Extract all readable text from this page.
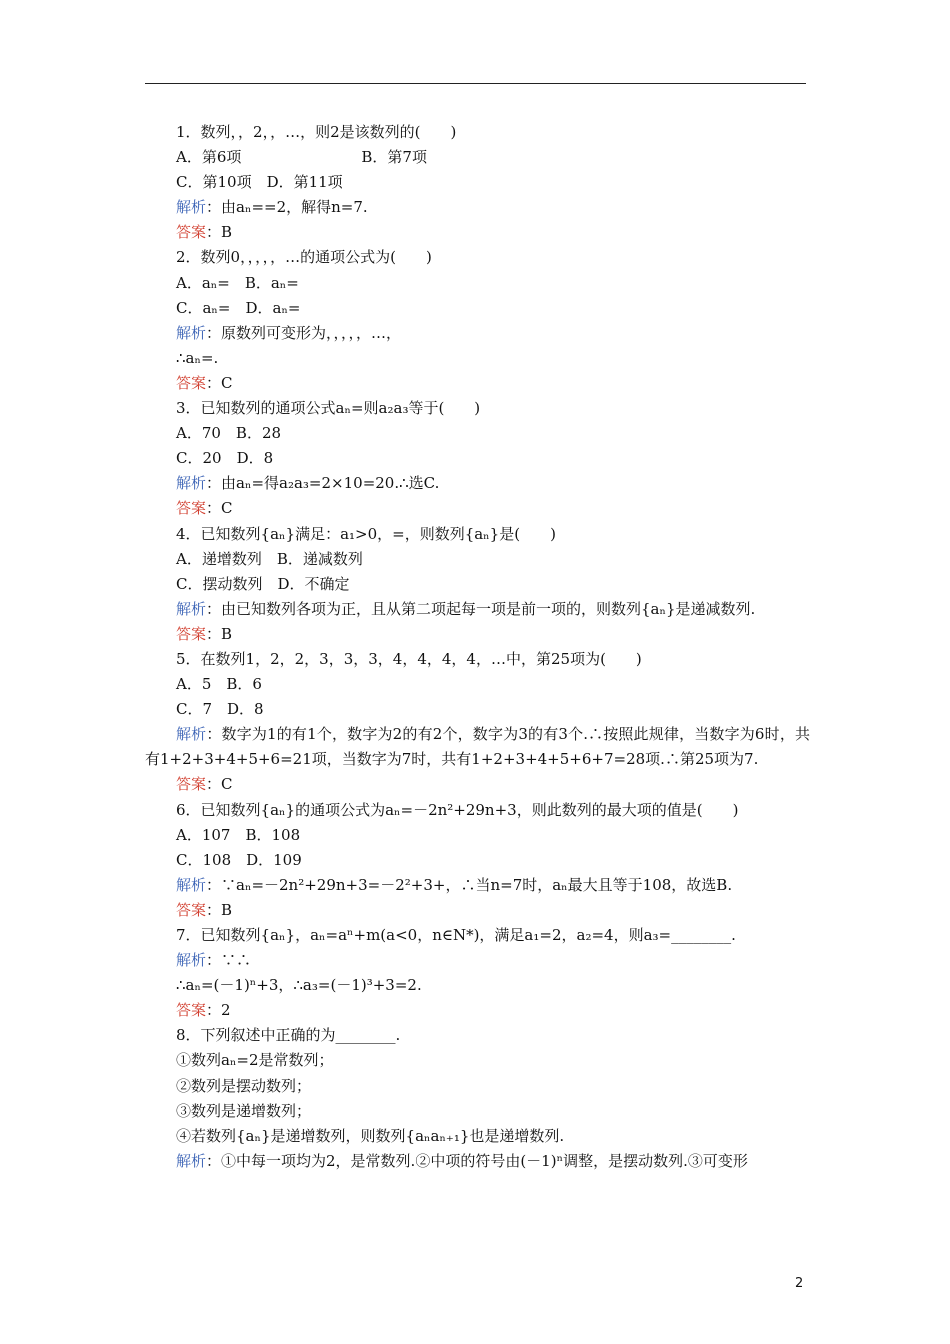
1．数列，，2，，…，则2是该数列的(　　)
A．第6项　　　　　　　　B．第7项
C．第10项　D．第11项
解析：由aₙ==2，解得n=7.
答案：B
2．数列0，，，，，…的通项公式为(　　)
A．aₙ=　B．aₙ=
C．aₙ=　D．aₙ=
解析：原数列可变形为，，，，，…，
∴aₙ=.
答案：C
3．已知数列的通项公式aₙ=则a₂a₃等于(　　)
A．70　B．28
C．20　D．8
解析：由aₙ=得a₂a₃=2×10=20.∴选C.
答案：C
4．已知数列{aₙ}满足：a₁>0，=，则数列{aₙ}是(　　)
A．递增数列　B．递减数列
C．摆动数列　D．不确定
解析：由已知数列各项为正，且从第二项起每一项是前一项的，则数列{aₙ}是递减数列.
答案：B
5．在数列1，2，2，3，3，3，4，4，4，4，…中，第25项为(　　)
A．5　B．6
C．7　D．8
解析：数字为1的有1个，数字为2的有2个，数字为3的有3个.∴按照此规律，当数字为6时，共有1+2+3+4+5+6=21项，当数字为7时，共有1+2+3+4+5+6+7=28项.∴第25项为7.
答案：C
6．已知数列{aₙ}的通项公式为aₙ=－2n²+29n+3，则此数列的最大项的值是(　　)
A．107　B．108
C．108　D．109
解析：∵aₙ=－2n²+29n+3=－2²+3+，∴当n=7时，aₙ最大且等于108，故选B.
答案：B
7．已知数列{aₙ}，aₙ=aⁿ+m(a<0，n∈N*)，满足a₁=2，a₂=4，则a₃=________.
解析：∵∴
∴aₙ=(－1)ⁿ+3，∴a₃=(－1)³+3=2.
答案：2
8．下列叙述中正确的为________.
①数列aₙ=2是常数列；
②数列是摆动数列；
③数列是递增数列；
④若数列{aₙ}是递增数列，则数列{aₙaₙ₊₁}也是递增数列.
解析：①中每一项均为2，是常数列.②中项的符号由(－1)ⁿ调整，是摆动数列.③可变形
2
